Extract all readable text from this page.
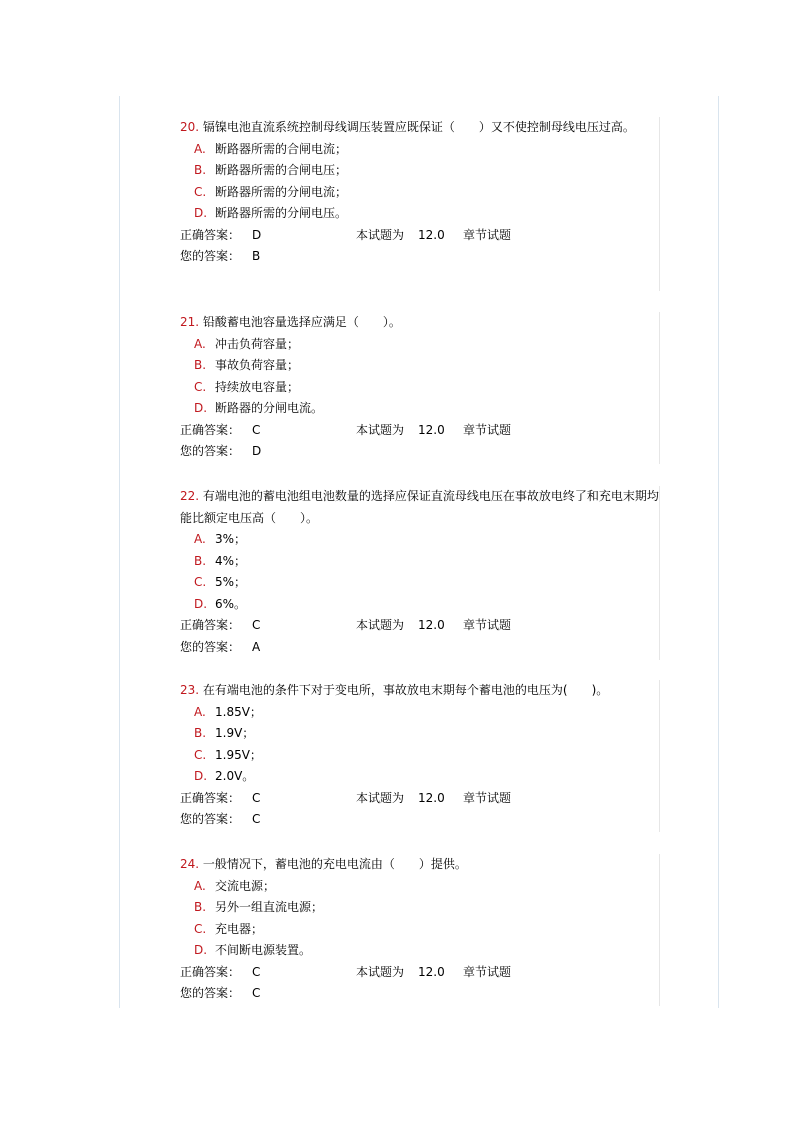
20. 镉镍电池直流系统控制母线调压装置应既保证（　　）又不使控制母线电压过高。

A. 断路器所需的合闸电流；
B. 断路器所需的合闸电压；
C. 断路器所需的分闸电流；
D. 断路器所需的分闸电压。
正确答案： D	本试题为 12.0	章节试题
您的答案： B

21. 铅酸蓄电池容量选择应满足（　　）。

A. 冲击负荷容量；
B. 事故负荷容量；
C. 持续放电容量；
D. 断路器的分闸电流。
正确答案： C	本试题为 12.0	章节试题
您的答案： D

22. 有端电池的蓄电池组电池数量的选择应保证直流母线电压在事故放电终了和充电末期均能比额定电压高（　　）。

A. 3%；
B. 4%；
C. 5%；
D. 6%。
正确答案： C	本试题为 12.0	章节试题
您的答案： A

23. 在有端电池的条件下对于变电所，事故放电末期每个蓄电池的电压为(　　)。

A. 1.85V；
B. 1.9V；
C. 1.95V；
D. 2.0V。
正确答案： C	本试题为 12.0	章节试题
您的答案： C

24. 一般情况下，蓄电池的充电电流由（　　）提供。

A. 交流电源；
B. 另外一组直流电源；
C. 充电器；
D. 不间断电源装置。
正确答案： C	本试题为 12.0	章节试题
您的答案： C
